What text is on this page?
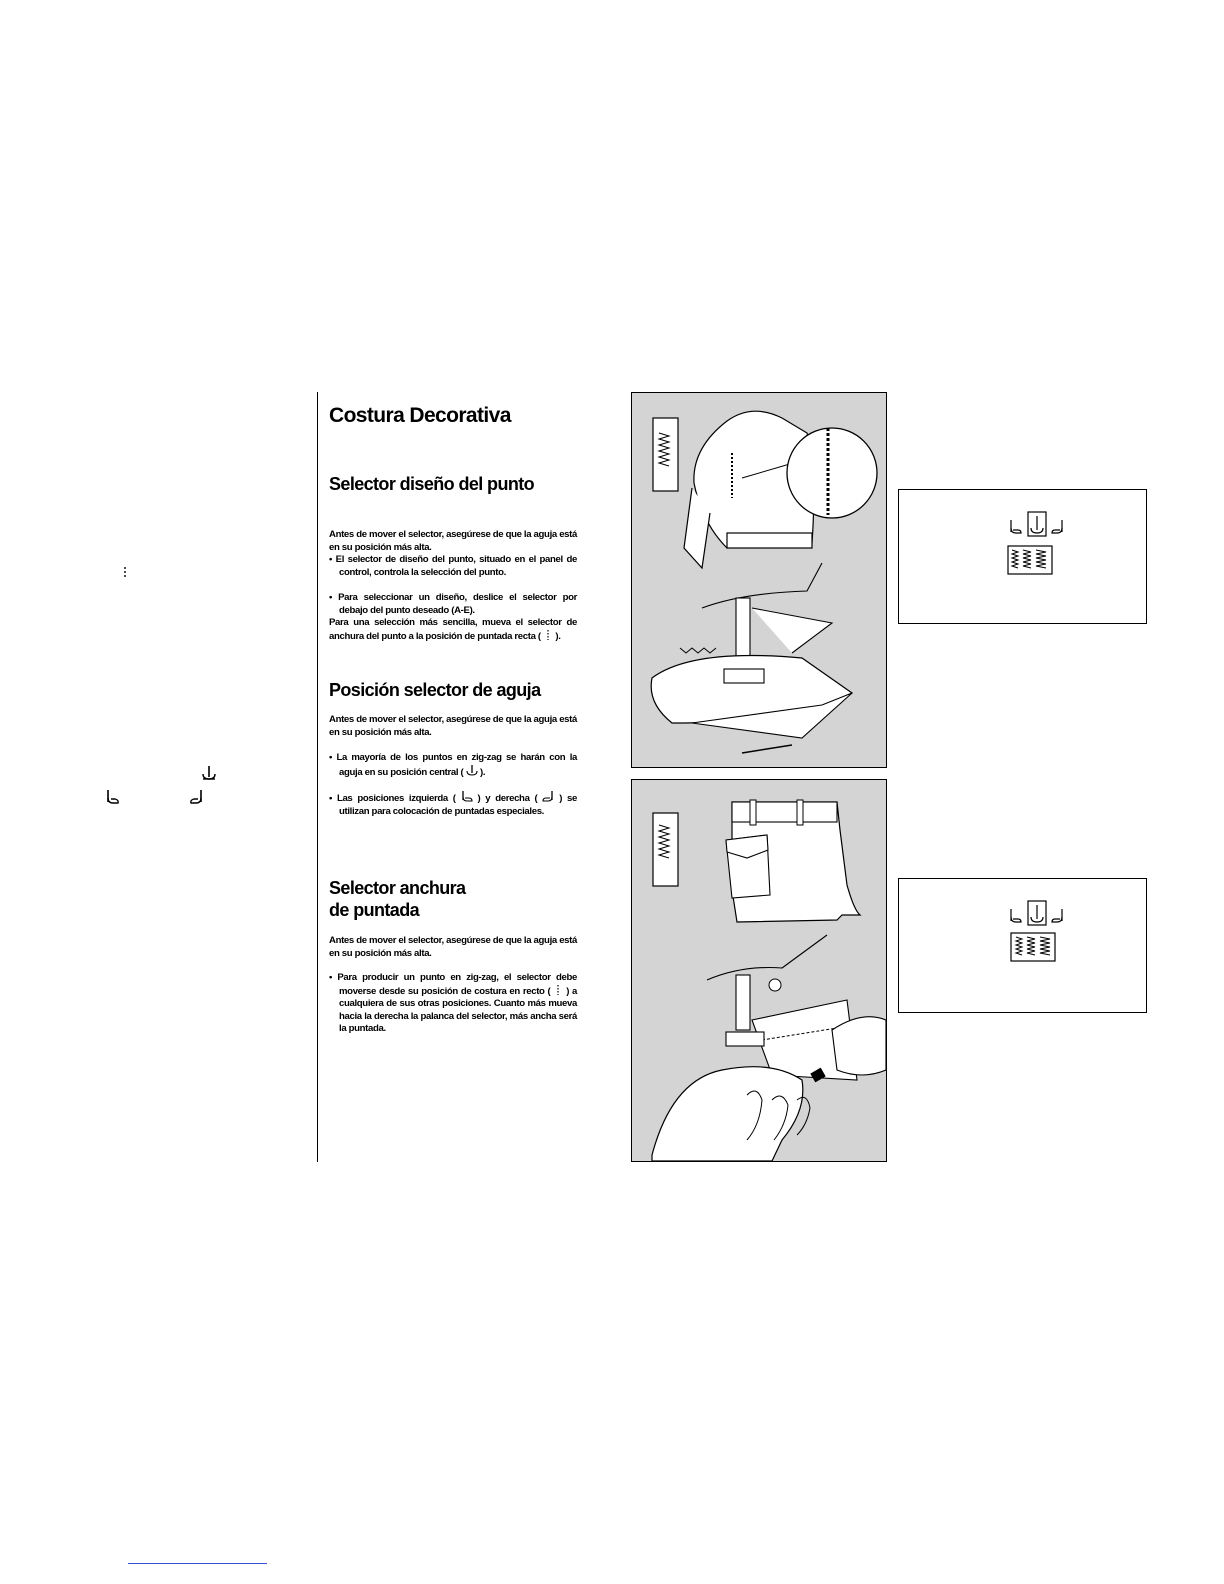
Costura Decorativa
Selector diseño del punto

Antes de mover el selector, asegúrese de que la aguja está en su posición más alta.

• El selector de diseño del punto, situado en el panel de control, controla la selección del punto.

• Para seleccionar un diseño, deslice el selector por debajo del punto deseado (A-E).

Para una selección más sencilla, mueva el selector de anchura del punto a la posición de puntada recta ( ).

Posición selector de aguja

Antes de mover el selector, asegúrese de que la aguja está en su posición más alta.

• La mayoría de los puntos en zig-zag se harán con la aguja en su posición central ( ).

• Las posiciones izquierda ( ) y derecha ( ) se utilizan para colocación de puntadas especiales.

Selector anchura
de puntada

Antes de mover el selector, asegúrese de que la aguja está en su posición más alta.

• Para producir un punto en zig-zag, el selector debe moverse desde su posición de costura en recto ( ) a cualquiera de sus otras posiciones. Cuanto más mueva hacia la derecha la palanca del selector, más ancha será la puntada.
